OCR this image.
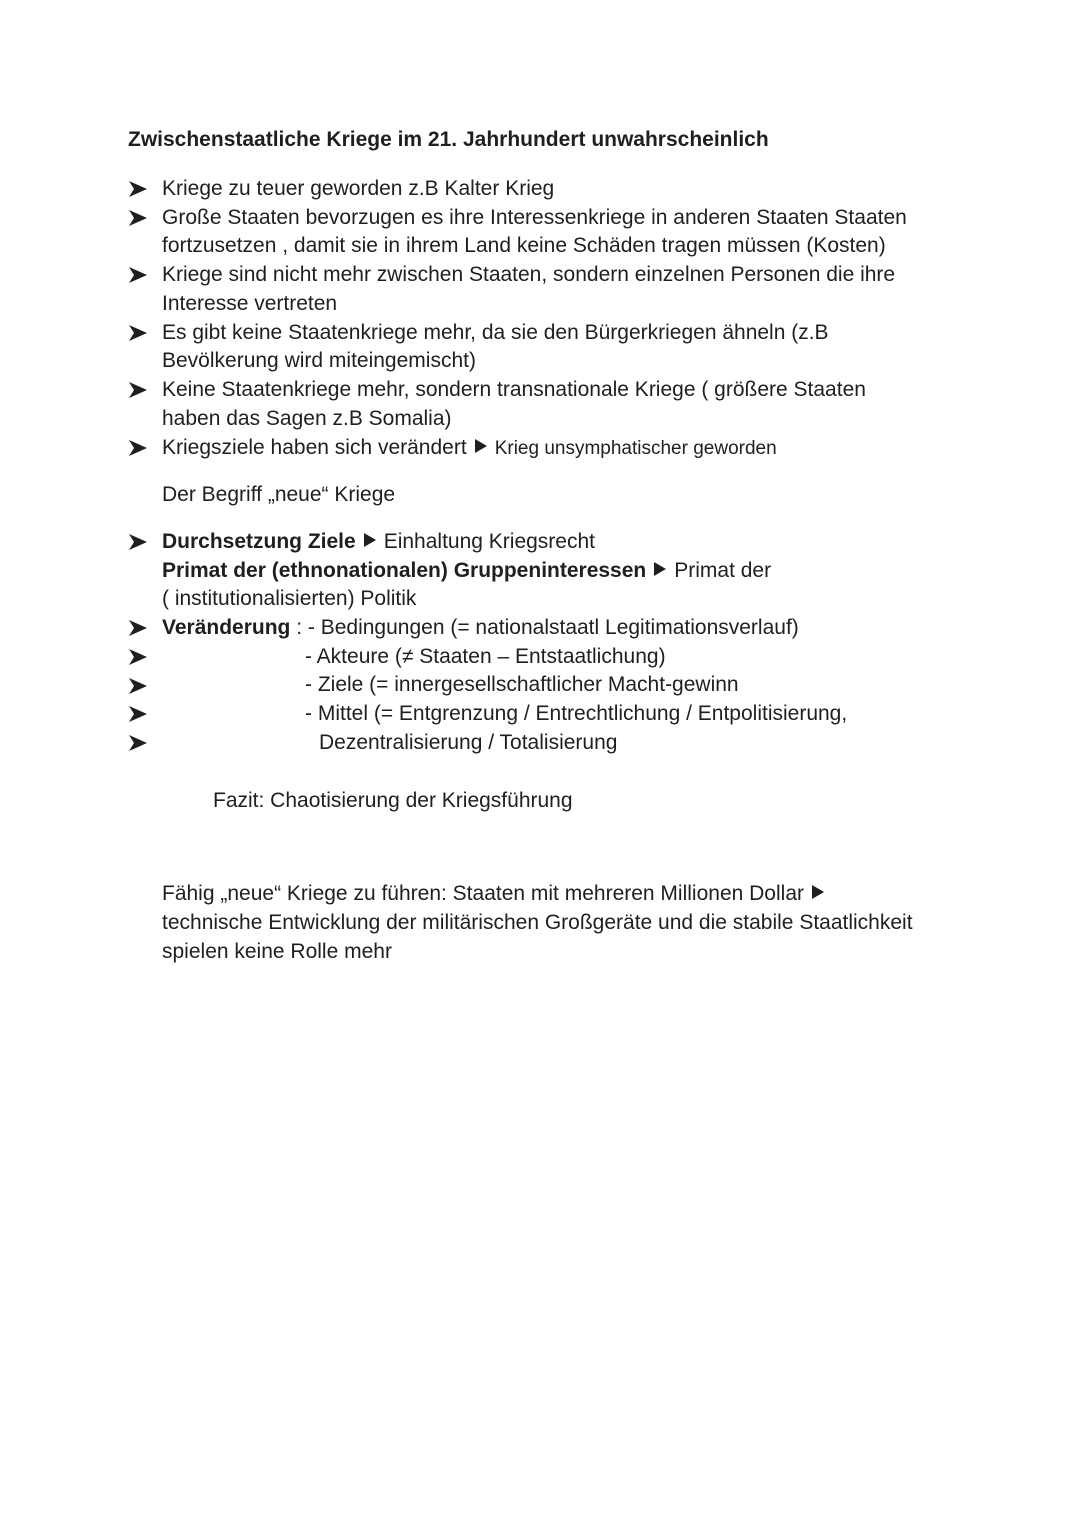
Zwischenstaatliche Kriege im 21. Jahrhundert unwahrscheinlich
Kriege zu teuer geworden z.B Kalter Krieg
Große Staaten bevorzugen es ihre Interessenkriege in anderen Staaten Staaten
fortzusetzen , damit sie in ihrem Land keine Schäden tragen müssen (Kosten)
Kriege sind nicht mehr zwischen Staaten, sondern einzelnen Personen die ihre
Interesse vertreten
Es gibt keine Staatenkriege mehr, da sie den Bürgerkriegen ähneln (z.B
Bevölkerung wird miteingemischt)
Keine Staatenkriege mehr, sondern transnationale Kriege ( größere Staaten
haben das Sagen z.B Somalia)
Kriegsziele haben sich verändert Krieg unsymphatischer geworden
Der Begriff „neue“ Kriege
Durchsetzung Ziele Einhaltung Kriegsrecht
Primat der (ethnonationalen) Gruppeninteressen Primat der
( institutionalisierten) Politik
Veränderung : - Bedingungen (= nationalstaatl Legitimationsverlauf)
- Akteure (≠ Staaten – Entstaatlichung)
- Ziele (= innergesellschaftlicher Macht-gewinn
- Mittel (= Entgrenzung / Entrechtlichung / Entpolitisierung,
Dezentralisierung / Totalisierung
Fazit: Chaotisierung der Kriegsführung
Fähig „neue“ Kriege zu führen: Staaten mit mehreren Millionen Dollar
technische Entwicklung der militärischen Großgeräte und die stabile Staatlichkeit
spielen keine Rolle mehr
